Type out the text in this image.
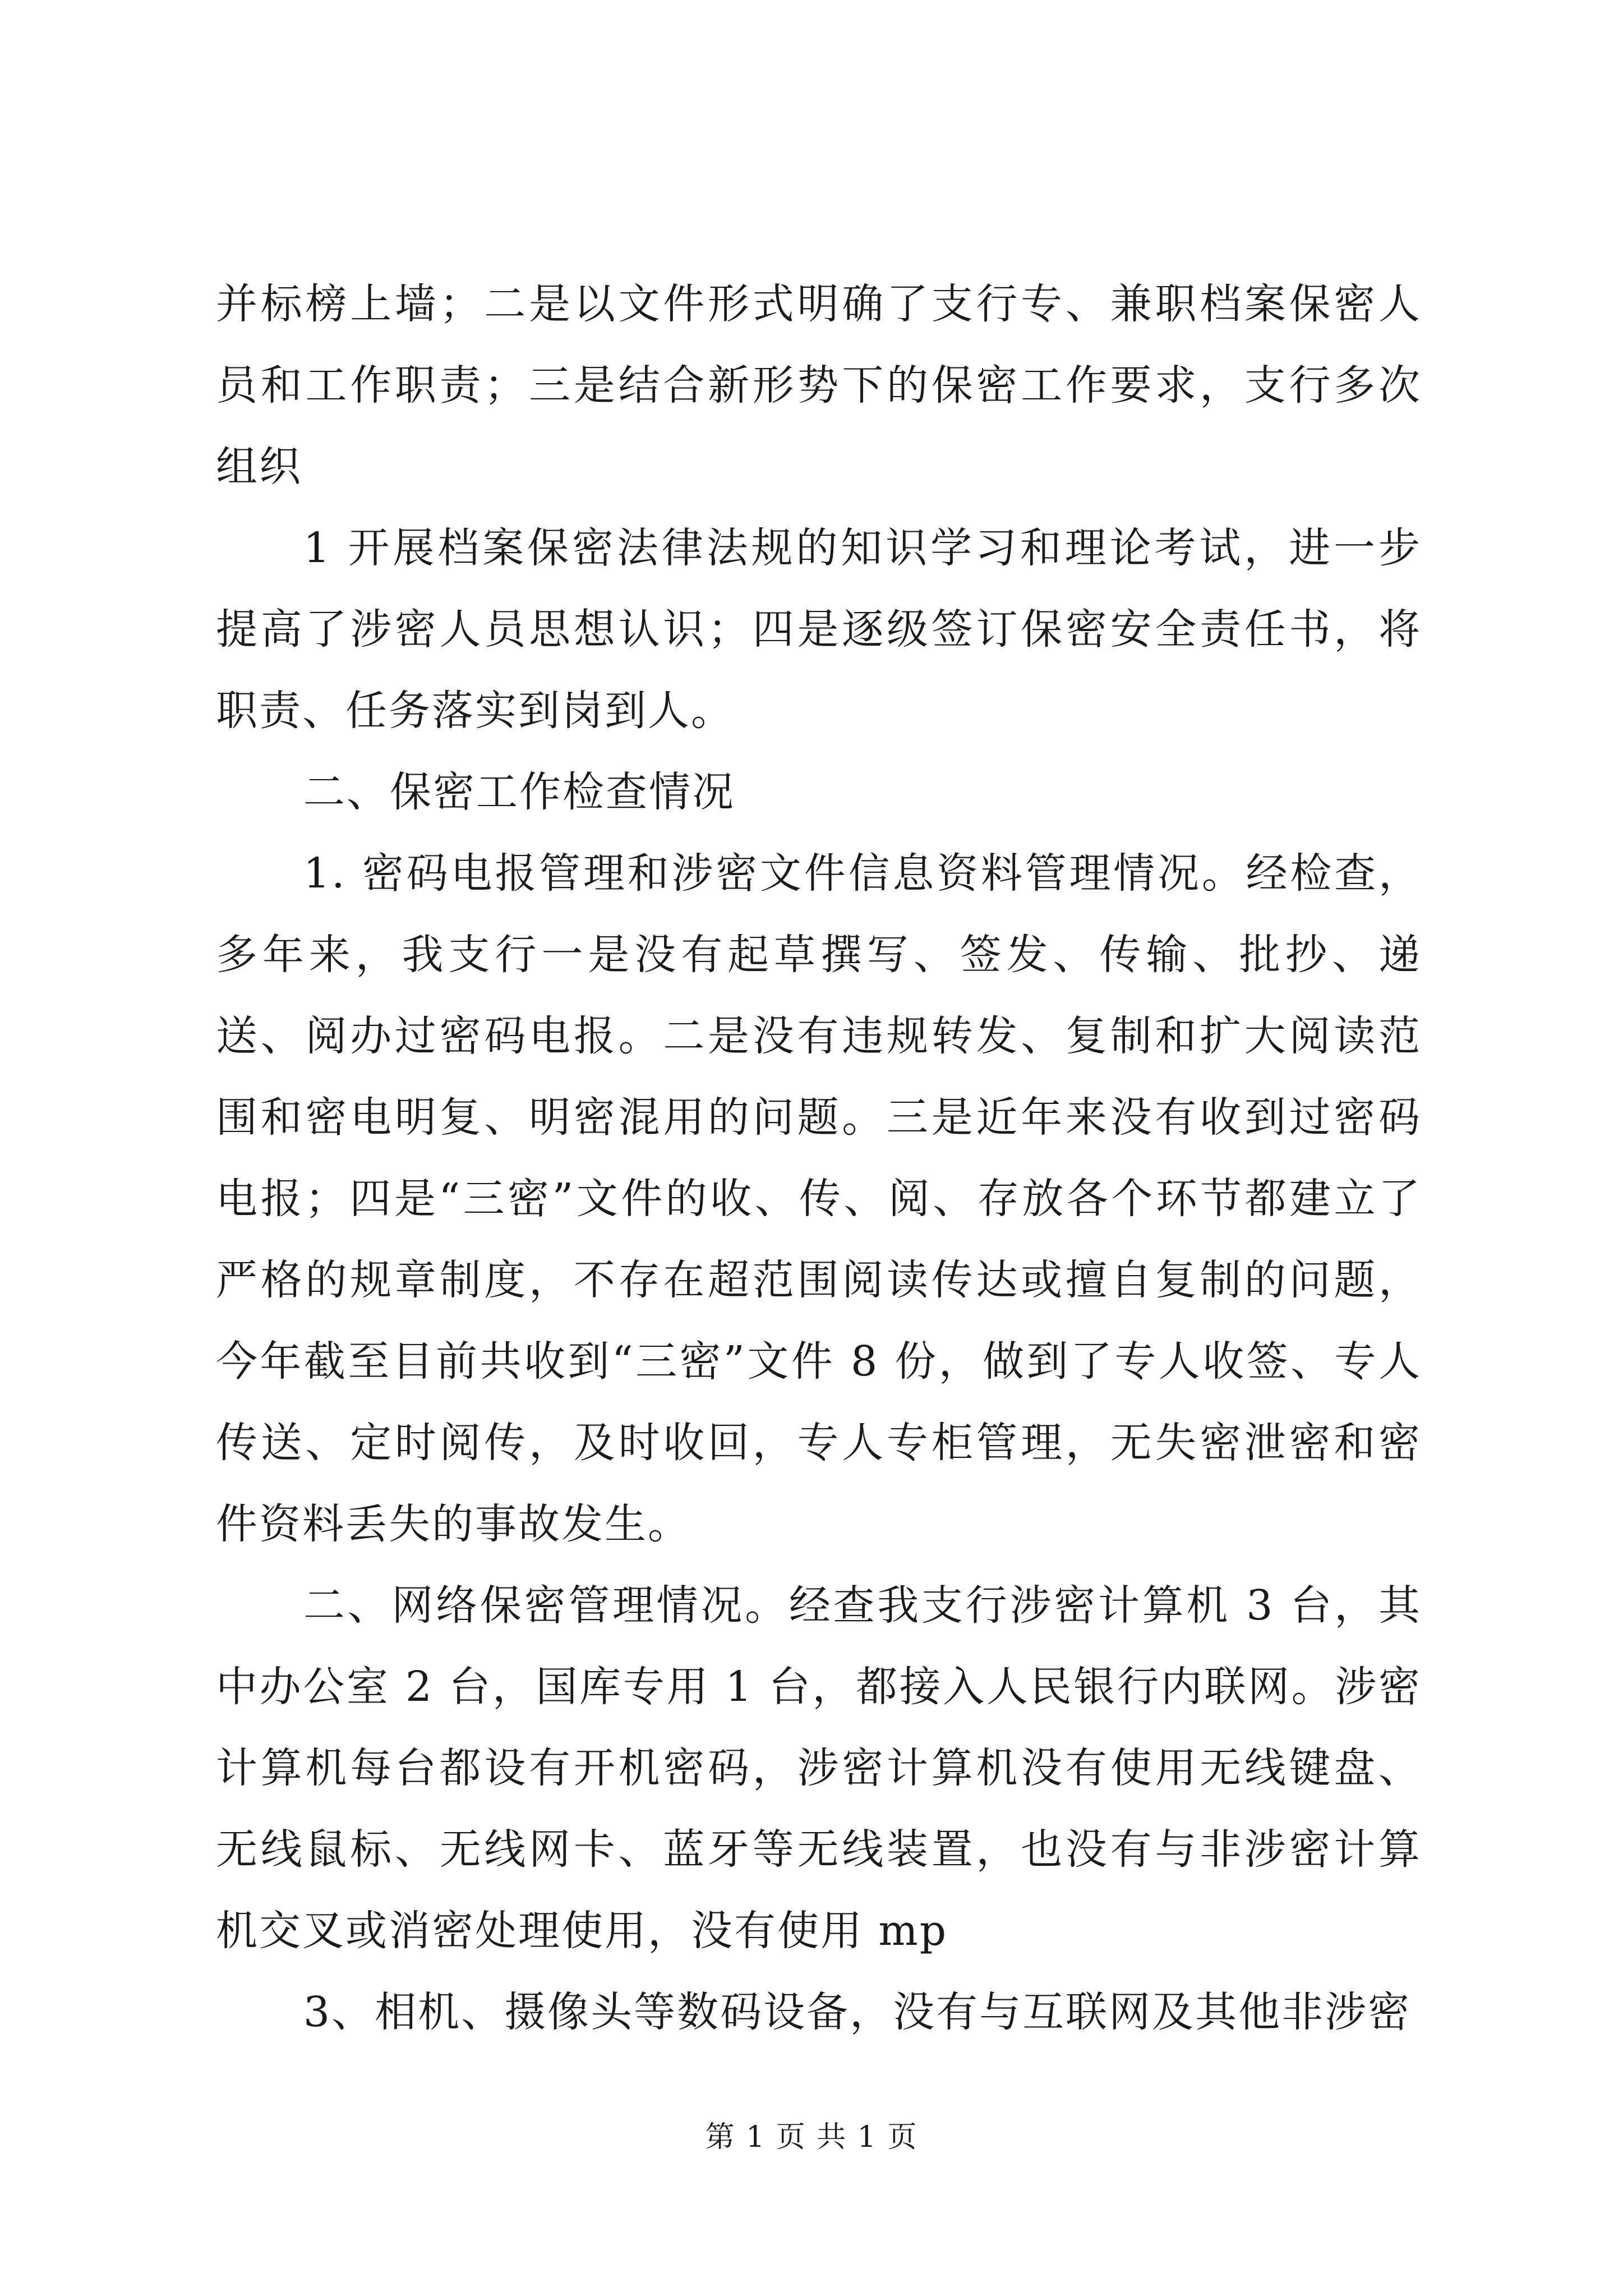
并标榜上墙；二是以文件形式明确了支行专、兼职档案保密人员和工作职责；三是结合新形势下的保密工作要求，支行多次组织

1 开展档案保密法律法规的知识学习和理论考试，进一步提高了涉密人员思想认识；四是逐级签订保密安全责任书，将职责、任务落实到岗到人。

二、保密工作检查情况

1. 密码电报管理和涉密文件信息资料管理情况。经检查，多年来，我支行一是没有起草撰写、签发、传输、批抄、递送、阅办过密码电报。二是没有违规转发、复制和扩大阅读范围和密电明复、明密混用的问题。三是近年来没有收到过密码电报；四是“三密”文件的收、传、阅、存放各个环节都建立了严格的规章制度，不存在超范围阅读传达或擅自复制的问题，今年截至目前共收到“三密”文件 8 份，做到了专人收签、专人传送、定时阅传，及时收回，专人专柜管理，无失密泄密和密件资料丢失的事故发生。

二、网络保密管理情况。经查我支行涉密计算机 3 台，其中办公室 2 台，国库专用 1 台，都接入人民银行内联网。涉密计算机每台都设有开机密码，涉密计算机没有使用无线键盘、无线鼠标、无线网卡、蓝牙等无线装置，也没有与非涉密计算机交叉或消密处理使用，没有使用 mp

3、相机、摄像头等数码设备，没有与互联网及其他非涉密

第 1 页 共 1 页
